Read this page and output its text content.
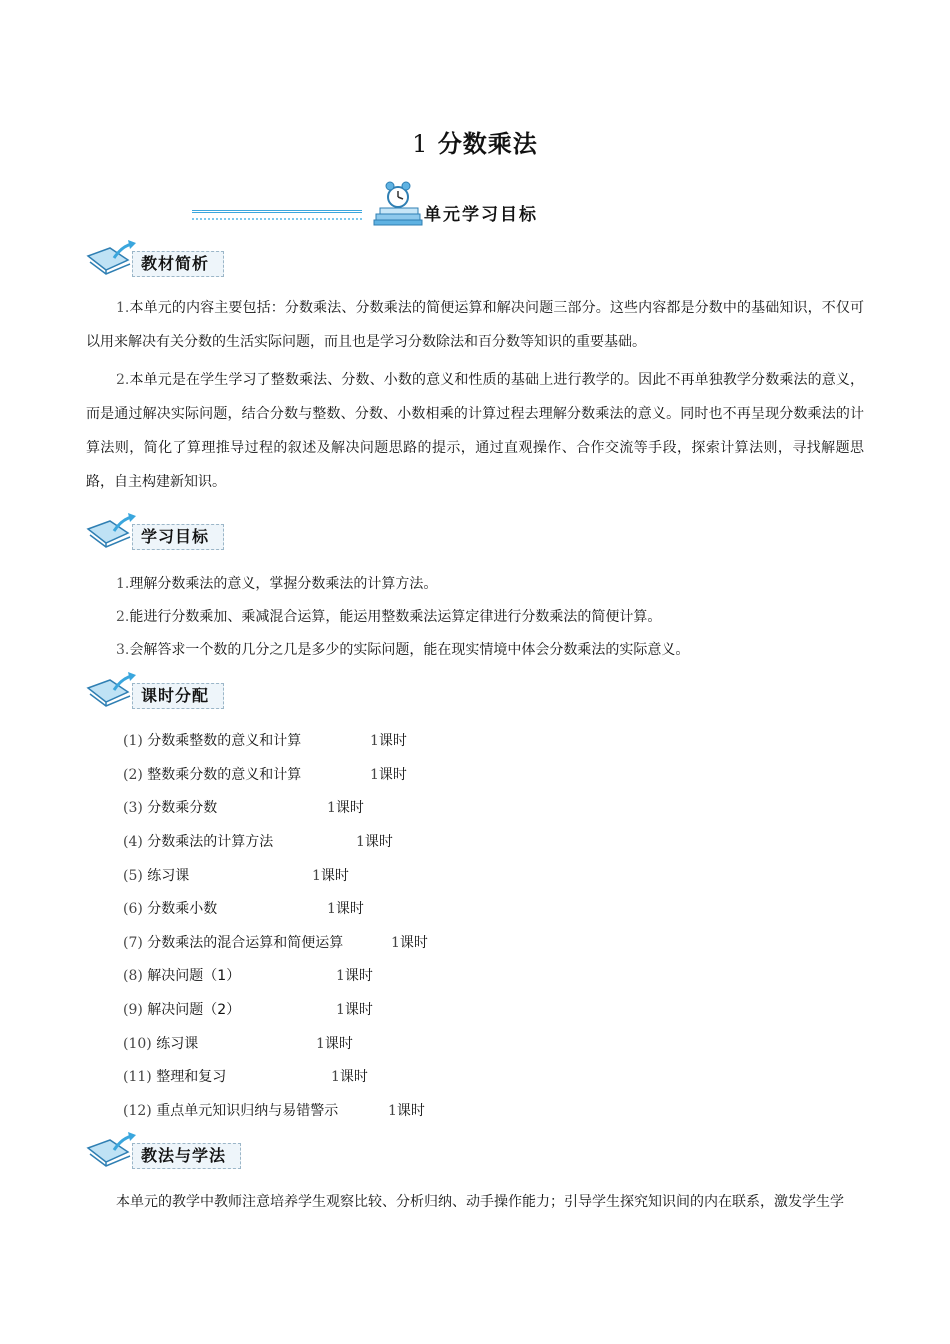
1 分数乘法
单元学习目标
教材简析
1.本单元的内容主要包括：分数乘法、分数乘法的简便运算和解决问题三部分。这些内容都是分数中的基础知识，不仅可以用来解决有关分数的生活实际问题，而且也是学习分数除法和百分数等知识的重要基础。
2.本单元是在学生学习了整数乘法、分数、小数的意义和性质的基础上进行教学的。因此不再单独教学分数乘法的意义，而是通过解决实际问题，结合分数与整数、分数、小数相乘的计算过程去理解分数乘法的意义。同时也不再呈现分数乘法的计算法则，简化了算理推导过程的叙述及解决问题思路的提示，通过直观操作、合作交流等手段，探索计算法则，寻找解题思路，自主构建新知识。
学习目标
1.理解分数乘法的意义，掌握分数乘法的计算方法。
2.能进行分数乘加、乘减混合运算，能运用整数乘法运算定律进行分数乘法的简便计算。
3.会解答求一个数的几分之几是多少的实际问题，能在现实情境中体会分数乘法的实际意义。
课时分配
(1) 分数乘整数的意义和计算	1课时
(2) 整数乘分数的意义和计算	1课时
(3) 分数乘分数	1课时
(4) 分数乘法的计算方法	1课时
(5) 练习课	1课时
(6) 分数乘小数	1课时
(7) 分数乘法的混合运算和简便运算	1课时
(8) 解决问题（1）	1课时
(9) 解决问题（2）	1课时
(10) 练习课	1课时
(11) 整理和复习	1课时
(12) 重点单元知识归纳与易错警示	1课时
教法与学法
本单元的教学中教师注意培养学生观察比较、分析归纳、动手操作能力；引导学生探究知识间的内在联系，激发学生学
